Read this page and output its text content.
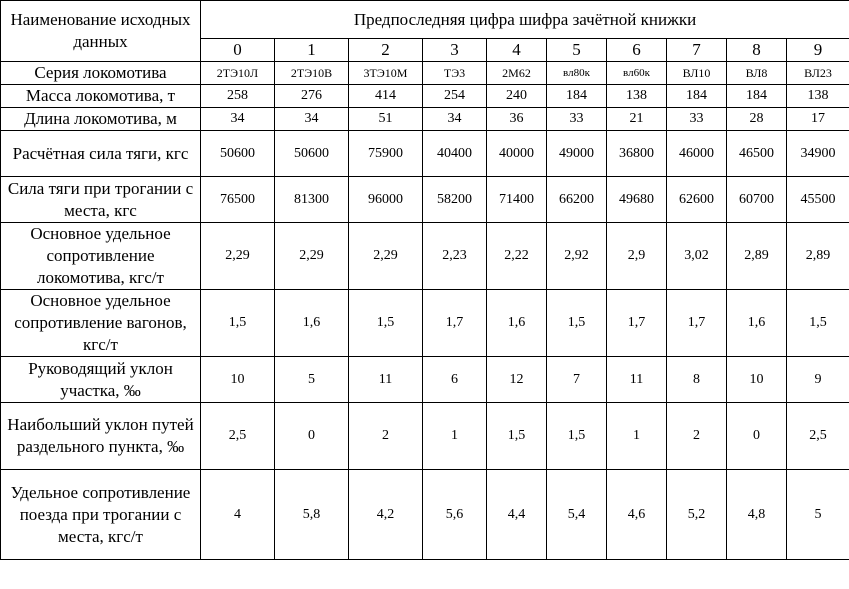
Наименование исходных данных	Предпоследняя цифра шифра зачётной книжки									
	0	1	2	3	4	5	6	7	8	9
Серия локомотива	2ТЭ10Л	2ТЭ10В	3ТЭ10М	ТЭ3	2М62	вл80к	вл60к	ВЛ10	ВЛ8	ВЛ23
Масса локомотива, т	258	276	414	254	240	184	138	184	184	138
Длина локомотива, м	34	34	51	34	36	33	21	33	28	17
Расчётная сила тяги, кгс	50600	50600	75900	40400	40000	49000	36800	46000	46500	34900
Сила тяги при трогании с места, кгс	76500	81300	96000	58200	71400	66200	49680	62600	60700	45500
Основное удельное сопротивление локомотива, кгс/т	2,29	2,29	2,29	2,23	2,22	2,92	2,9	3,02	2,89	2,89
Основное удельное сопротивление вагонов, кгс/т	1,5	1,6	1,5	1,7	1,6	1,5	1,7	1,7	1,6	1,5
Руководящий уклон участка, ‰	10	5	11	6	12	7	11	8	10	9
Наибольший уклон путей раздельного пункта, ‰	2,5	0	2	1	1,5	1,5	1	2	0	2,5
Удельное сопротивление поезда при трогании с места, кгс/т	4	5,8	4,2	5,6	4,4	5,4	4,6	5,2	4,8	5
